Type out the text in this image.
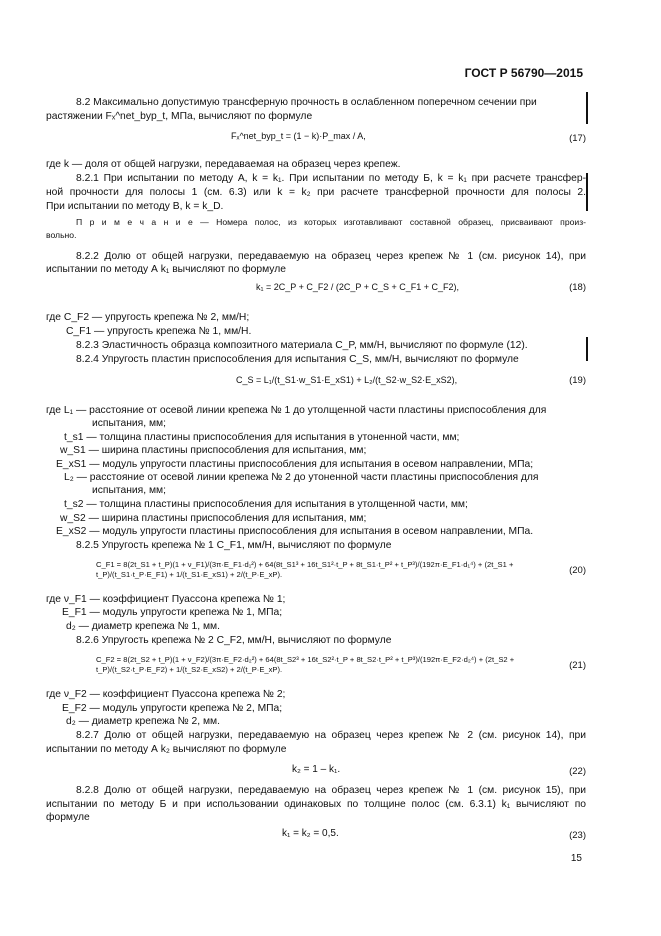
ГОСТ Р 56790—2015
8.2 Максимально допустимую трансферную прочность в ослабленном поперечном сечении при
растяжении Fₓ^net_byp_t, МПа, вычисляют по формуле
Fₓ^net_byp_t = (1 − k)·P_max / A,	(17)
где k — доля от общей нагрузки, передаваемая на образец через крепеж.
8.2.1 При испытании по методу А, k = k₁. При испытании по методу Б, k = k₁ при расчете трансфер-
ной прочности для полосы 1 (см. 6.3) или k = k₂ при расчете трансферной прочности для полосы 2.
При испытании по методу В, k = k_D.
П р и м е ч а н и е — Номера полос, из которых изготавливают составной образец, присваивают произ-
вольно.
8.2.2 Долю от общей нагрузки, передаваемую на образец через крепеж № 1 (см. рисунок 14), при
испытании по методу А k₁ вычисляют по формуле
k₁ = 2C_P + C_F2 / (2C_P + C_S + C_F1 + C_F2),	(18)
где C_F2 — упругость крепежа № 2, мм/Н;
C_F1 — упругость крепежа № 1, мм/Н.
8.2.3 Эластичность образца композитного материала C_P, мм/Н, вычисляют по формуле (12).
8.2.4 Упругость пластин приспособления для испытания C_S, мм/Н, вычисляют по формуле
C_S = L₁/(t_S1·w_S1·E_xS1) + L₂/(t_S2·w_S2·E_xS2),	(19)
где L₁ — расстояние от осевой линии крепежа № 1 до утолщенной части пластины приспособления для
испытания, мм;
t_s1 — толщина пластины приспособления для испытания в утоненной части, мм;
w_S1 — ширина пластины приспособления для испытания, мм;
E_xS1 — модуль упругости пластины приспособления для испытания в осевом направлении, МПа;
L₂ — расстояние от осевой линии крепежа № 2 до утоненной части пластины приспособления для
испытания, мм;
t_s2 — толщина пластины приспособления для испытания в утолщенной части, мм;
w_S2 — ширина пластины приспособления для испытания, мм;
E_xS2 — модуль упругости пластины приспособления для испытания в осевом направлении, МПа.
8.2.5 Упругость крепежа № 1 C_F1, мм/Н, вычисляют по формуле
C_F1 = 8(2t_S1 + t_P)(1 + ν_F1)/(3π·E_F1·d₁²) + 64(8t_S1³ + 16t_S1²·t_P + 8t_S1·t_P² + t_P³)/(192π·E_F1·d₁⁴) + (2t_S1 + t_P)/(t_S1·t_P·E_F1) + 1/(t_S1·E_xS1) + 2/(t_P·E_xP).	(20)
где ν_F1 — коэффициент Пуассона крепежа № 1;
E_F1 — модуль упругости крепежа № 1, МПа;
d₂ — диаметр крепежа № 1, мм.
8.2.6 Упругость крепежа № 2 C_F2, мм/Н, вычисляют по формуле
C_F2 = 8(2t_S2 + t_P)(1 + ν_F2)/(3π·E_F2·d₂²) + 64(8t_S2³ + 16t_S2²·t_P + 8t_S2·t_P² + t_P³)/(192π·E_F2·d₂⁴) + (2t_S2 + t_P)/(t_S2·t_P·E_F2) + 1/(t_S2·E_xS2) + 2/(t_P·E_xP).	(21)
где ν_F2 — коэффициент Пуассона крепежа № 2;
E_F2 — модуль упругости крепежа № 2, МПа;
d₂ — диаметр крепежа № 2, мм.
8.2.7 Долю от общей нагрузки, передаваемую на образец через крепеж № 2 (см. рисунок 14), при
испытании по методу А k₂ вычисляют по формуле
k₂ = 1 – k₁.	(22)
8.2.8 Долю от общей нагрузки, передаваемую на образец через крепеж № 1 (см. рисунок 15), при
испытании по методу Б и при использовании одинаковых по толщине полос (см. 6.3.1) k₁ вычисляют по
формуле
k₁ = k₂ = 0,5.	(23)
15
